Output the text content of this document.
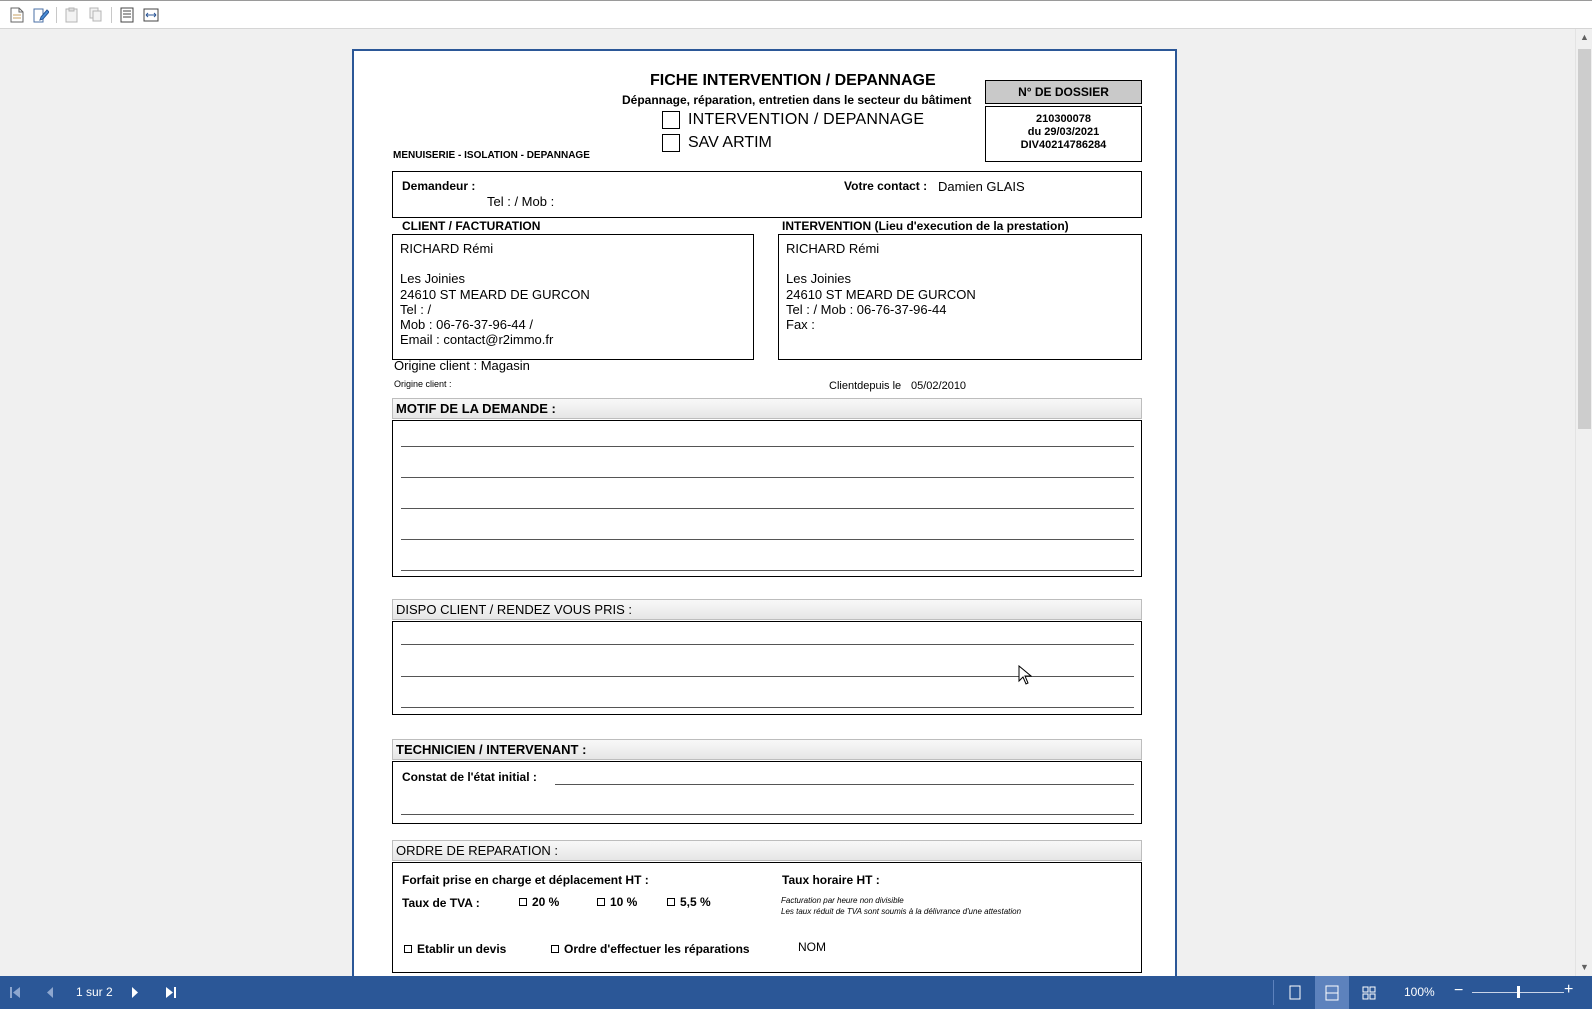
FICHE INTERVENTION / DEPANNAGE
Dépannage, réparation, entretien dans le secteur du bâtiment
INTERVENTION / DEPANNAGE
SAV ARTIM
MENUISERIE - ISOLATION - DEPANNAGE
N° DE DOSSIER
210300078
du 29/03/2021
DIV40214786284
Demandeur :
Tel : / Mob :
Votre contact : Damien GLAIS
CLIENT / FACTURATION	INTERVENTION (Lieu d'execution de la prestation)
RICHARD Rémi
Les Joinies
24610 ST MEARD DE GURCON
Tel : /
Mob : 06-76-37-96-44 /
Email : contact@r2immo.fr
RICHARD Rémi
Les Joinies
24610 ST MEARD DE GURCON
Tel : / Mob : 06-76-37-96-44
Fax :
Origine client : Magasin
Origine client :	Clientdepuis le 05/02/2010
MOTIF DE LA DEMANDE :
DISPO CLIENT / RENDEZ VOUS PRIS :
TECHNICIEN / INTERVENANT :
Constat de l'état initial :
ORDRE DE REPARATION :
Forfait prise en charge et déplacement HT :	Taux horaire HT :
Taux de TVA :	20 %	10 %	5,5 %	Facturation par heure non divisible
Les taux réduit de TVA sont soumis à la délivrance d'une attestation
Etablir un devis	Ordre d'effectuer les réparations	NOM
▲
▼
1 sur 2	100% −	+
